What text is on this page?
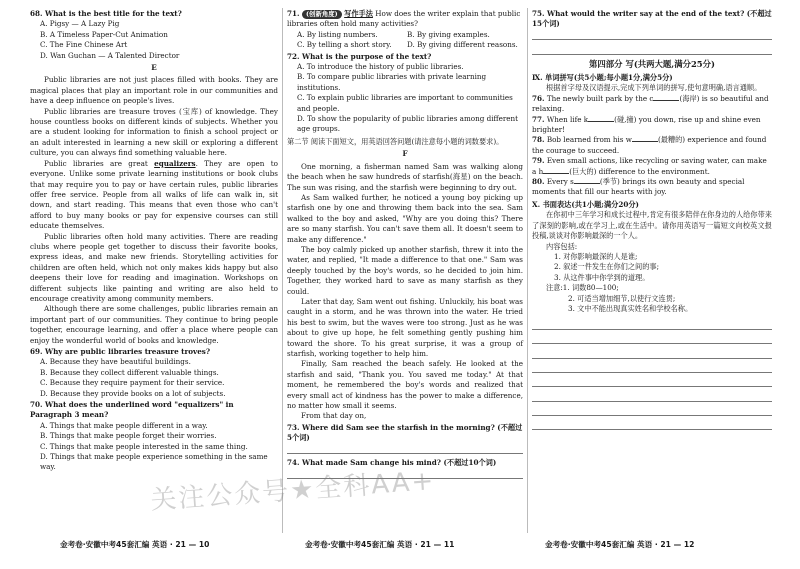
68. What is the best title for the text?
A. Pigsy — A Lazy Pig
B. A Timeless Paper-Cut Animation
C. The Fine Chinese Art
D. Wan Guchan — A Talented Director
E

Public libraries are not just places filled with books. They are magical places that play an important role in our communities and have a deep influence on people's lives.

Public libraries are treasure troves (宝库) of knowledge. They house countless books on different kinds of subjects. Whether you are a student looking for information to finish a school project or an adult interested in learning a new skill or exploring a different culture, you can always find something valuable here.

Public libraries are great equalizers. They are open to everyone. Unlike some private learning institutions or book clubs that may require you to pay or have certain rules, public libraries offer free service. People from all walks of life can walk in, sit down, and start reading. This means that even those who can't afford to buy many books or pay for expensive courses can still educate themselves.

Public libraries often hold many activities. There are reading clubs where people get together to discuss their favorite books, express ideas, and make new friends. Storytelling activities for children are often held, which not only makes kids happy but also deepens their love for reading and imagination. Workshops on different subjects like painting and writing are also held to encourage creativity among community members.

Although there are some challenges, public libraries remain an important part of our communities. They continue to bring people together, encourage learning, and offer a place where people can enjoy the wonderful world of books and knowledge.

69. Why are public libraries treasure troves?
A. Because they have beautiful buildings.
B. Because they collect different valuable things.
C. Because they require payment for their service.
D. Because they provide books on a lot of subjects.
70. What does the underlined word "equalizers" in Paragraph 3 mean?
A. Things that make people different in a way.
B. Things that make people forget their worries.
C. Things that make people interested in the same thing.
D. Things that make people experience something in the same way.
71. (创新角度) 写作手法 How does the writer explain that public libraries often hold many activities?
A. By listing numbers.	B. By giving examples.
C. By telling a short story.	D. By giving different reasons.
72. What is the purpose of the text?
A. To introduce the history of public libraries.
B. To compare public libraries with private learning institutions.
C. To explain public libraries are important to communities and people.
D. To show the popularity of public libraries among different age groups.
第二节 阅读下面短文，用英语回答问题(请注意每小题的词数要求)。
F

One morning, a fisherman named Sam was walking along the beach when he saw hundreds of starfish(海星) on the beach. The sun was rising, and the starfish were beginning to dry out.

As Sam walked further, he noticed a young boy picking up starfish one by one and throwing them back into the sea. Sam walked to the boy and asked, "Why are you doing this? There are so many starfish. You can't save them all. It doesn't seem to make any difference."

The boy calmly picked up another starfish, threw it into the water, and replied, "It made a difference to that one." Sam was deeply touched by the boy's words, so he decided to join him. Together, they worked hard to save as many starfish as they could.

Later that day, Sam went out fishing. Unluckily, his boat was caught in a storm, and he was thrown into the water. He tried his best to swim, but the waves were too strong. Just as he was about to give up hope, he felt something gently pushing him toward the shore. To his great surprise, it was a group of starfish, working together to help him.

Finally, Sam reached the beach safely. He looked at the starfish and said, "Thank you. You saved me today." At that moment, he remembered the boy's words and realized that every small act of kindness has the power to make a difference, no matter how small it seems.

From that day on,

73. Where did Sam see the starfish in the morning? (不超过5个词)
74. What made Sam change his mind? (不超过10个词)
75. What would the writer say at the end of the text? (不超过15个词)
第四部分 写(共两大题,满分25分)
Ⅸ. 单词拼写(共5小题;每小题1分,满分5分)

根据首字母及汉语提示,完成下列单词的拼写,使句意明确,语言通顺。

76. The newly built park by the c	(海岸) is so beautiful and relaxing.
77. When life k	(碰,撞) you down, rise up and shine even brighter!
78. Bob learned from his w	(最糟的) experience and found the courage to succeed.
79. Even small actions, like recycling or saving water, can make a h	(巨大的) difference to the environment.
80. Every s	(季节) brings its own beauty and special moments that fill our hearts with joy.
Ⅹ. 书面表达(共1小题;满分20分)

在你初中三年学习和成长过程中,肯定有很多陪伴在你身边的人给你带来了深刻的影响,或在学习上,或在生活中。请你用英语写一篇短文向校英文报投稿,谈谈对你影响最深的一个人。

内容包括:
1. 对你影响最深的人是谁;
2. 叙述一件发生在你们之间的事;
3. 从这件事中你学到的道理。
注意:1. 词数80—100;
2. 可适当增加细节,以使行文连贯;
3. 文中不能出现真实姓名和学校名称。
关注公众号★全科AA+
金考卷·安徽中考45套汇编 英语 · 21 — 10	金考卷·安徽中考45套汇编 英语 · 21 — 11	金考卷·安徽中考45套汇编 英语 · 21 — 12
